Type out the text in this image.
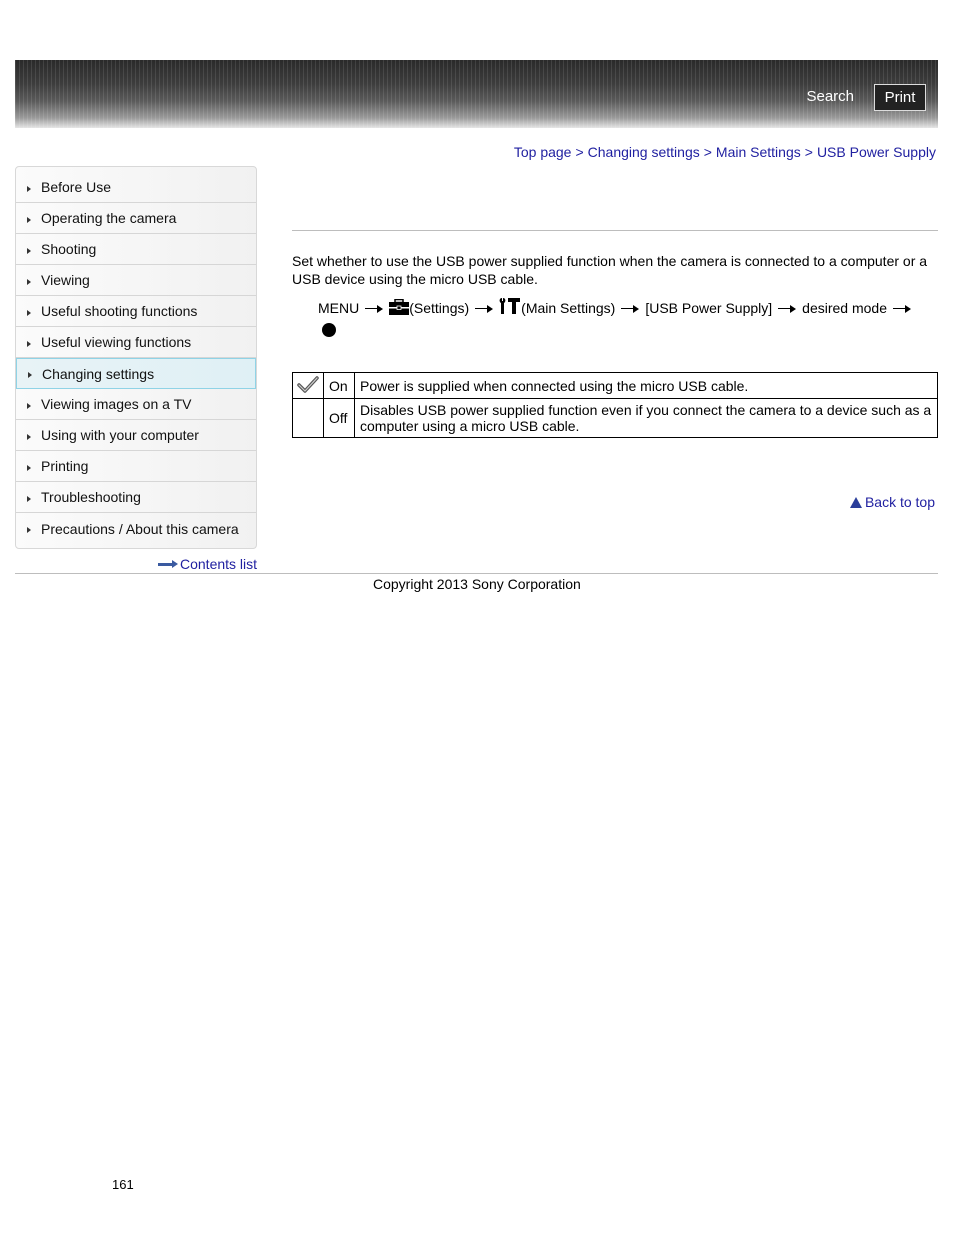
Search	Print
Top page > Changing settings > Main Settings > USB Power Supply
Before Use
Operating the camera
Shooting
Viewing
Useful shooting functions
Useful viewing functions
Changing settings
Viewing images on a TV
Using with your computer
Printing
Troubleshooting
Precautions / About this camera
Contents list
Set whether to use the USB power supplied function when the camera is connected to a computer or a USB device using the micro USB cable.
MENU	(Settings)	(Main Settings) [USB Power Supply] desired mode
	On	Power is supplied when connected using the micro USB cable.
	Off	Disables USB power supplied function even if you connect the camera to a device such as a computer using a micro USB cable.
Back to top
Copyright 2013 Sony Corporation
161
